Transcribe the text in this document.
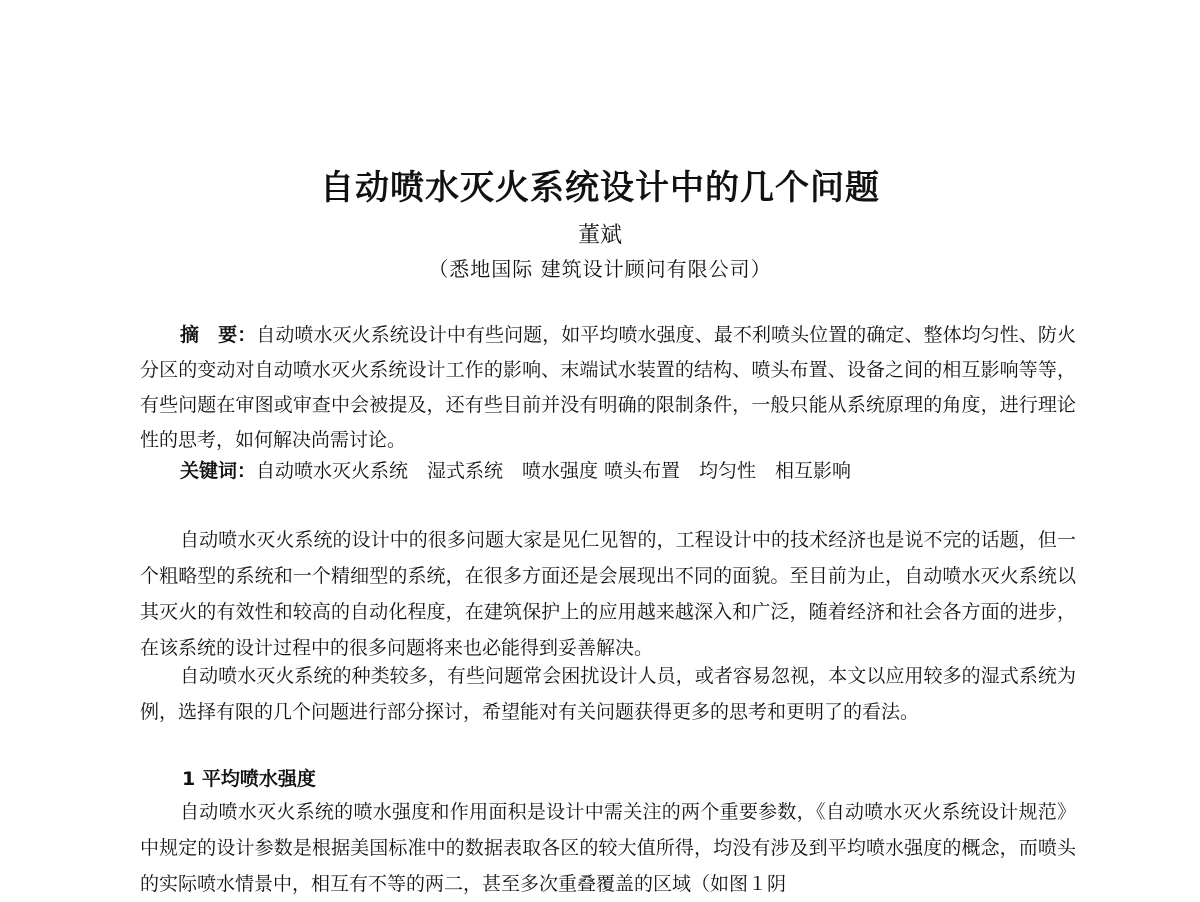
自动喷水灭火系统设计中的几个问题
董斌
（悉地国际 建筑设计顾问有限公司）
摘　要：自动喷水灭火系统设计中有些问题，如平均喷水强度、最不利喷头位置的确定、整体均匀性、防火分区的变动对自动喷水灭火系统设计工作的影响、末端试水装置的结构、喷头布置、设备之间的相互影响等等，有些问题在审图或审查中会被提及，还有些目前并没有明确的限制条件，一般只能从系统原理的角度，进行理论性的思考，如何解决尚需讨论。
关键词：自动喷水灭火系统　湿式系统　喷水强度 喷头布置　均匀性　相互影响
自动喷水灭火系统的设计中的很多问题大家是见仁见智的，工程设计中的技术经济也是说不完的话题，但一个粗略型的系统和一个精细型的系统，在很多方面还是会展现出不同的面貌。至目前为止，自动喷水灭火系统以其灭火的有效性和较高的自动化程度，在建筑保护上的应用越来越深入和广泛，随着经济和社会各方面的进步，在该系统的设计过程中的很多问题将来也必能得到妥善解决。
自动喷水灭火系统的种类较多，有些问题常会困扰设计人员，或者容易忽视，本文以应用较多的湿式系统为例，选择有限的几个问题进行部分探讨，希望能对有关问题获得更多的思考和更明了的看法。
1 平均喷水强度
自动喷水灭火系统的喷水强度和作用面积是设计中需关注的两个重要参数，《自动喷水灭火系统设计规范》中规定的设计参数是根据美国标准中的数据表取各区的较大值所得，均没有涉及到平均喷水强度的概念，而喷头的实际喷水情景中，相互有不等的两二，甚至多次重叠覆盖的区域（如图１阴
